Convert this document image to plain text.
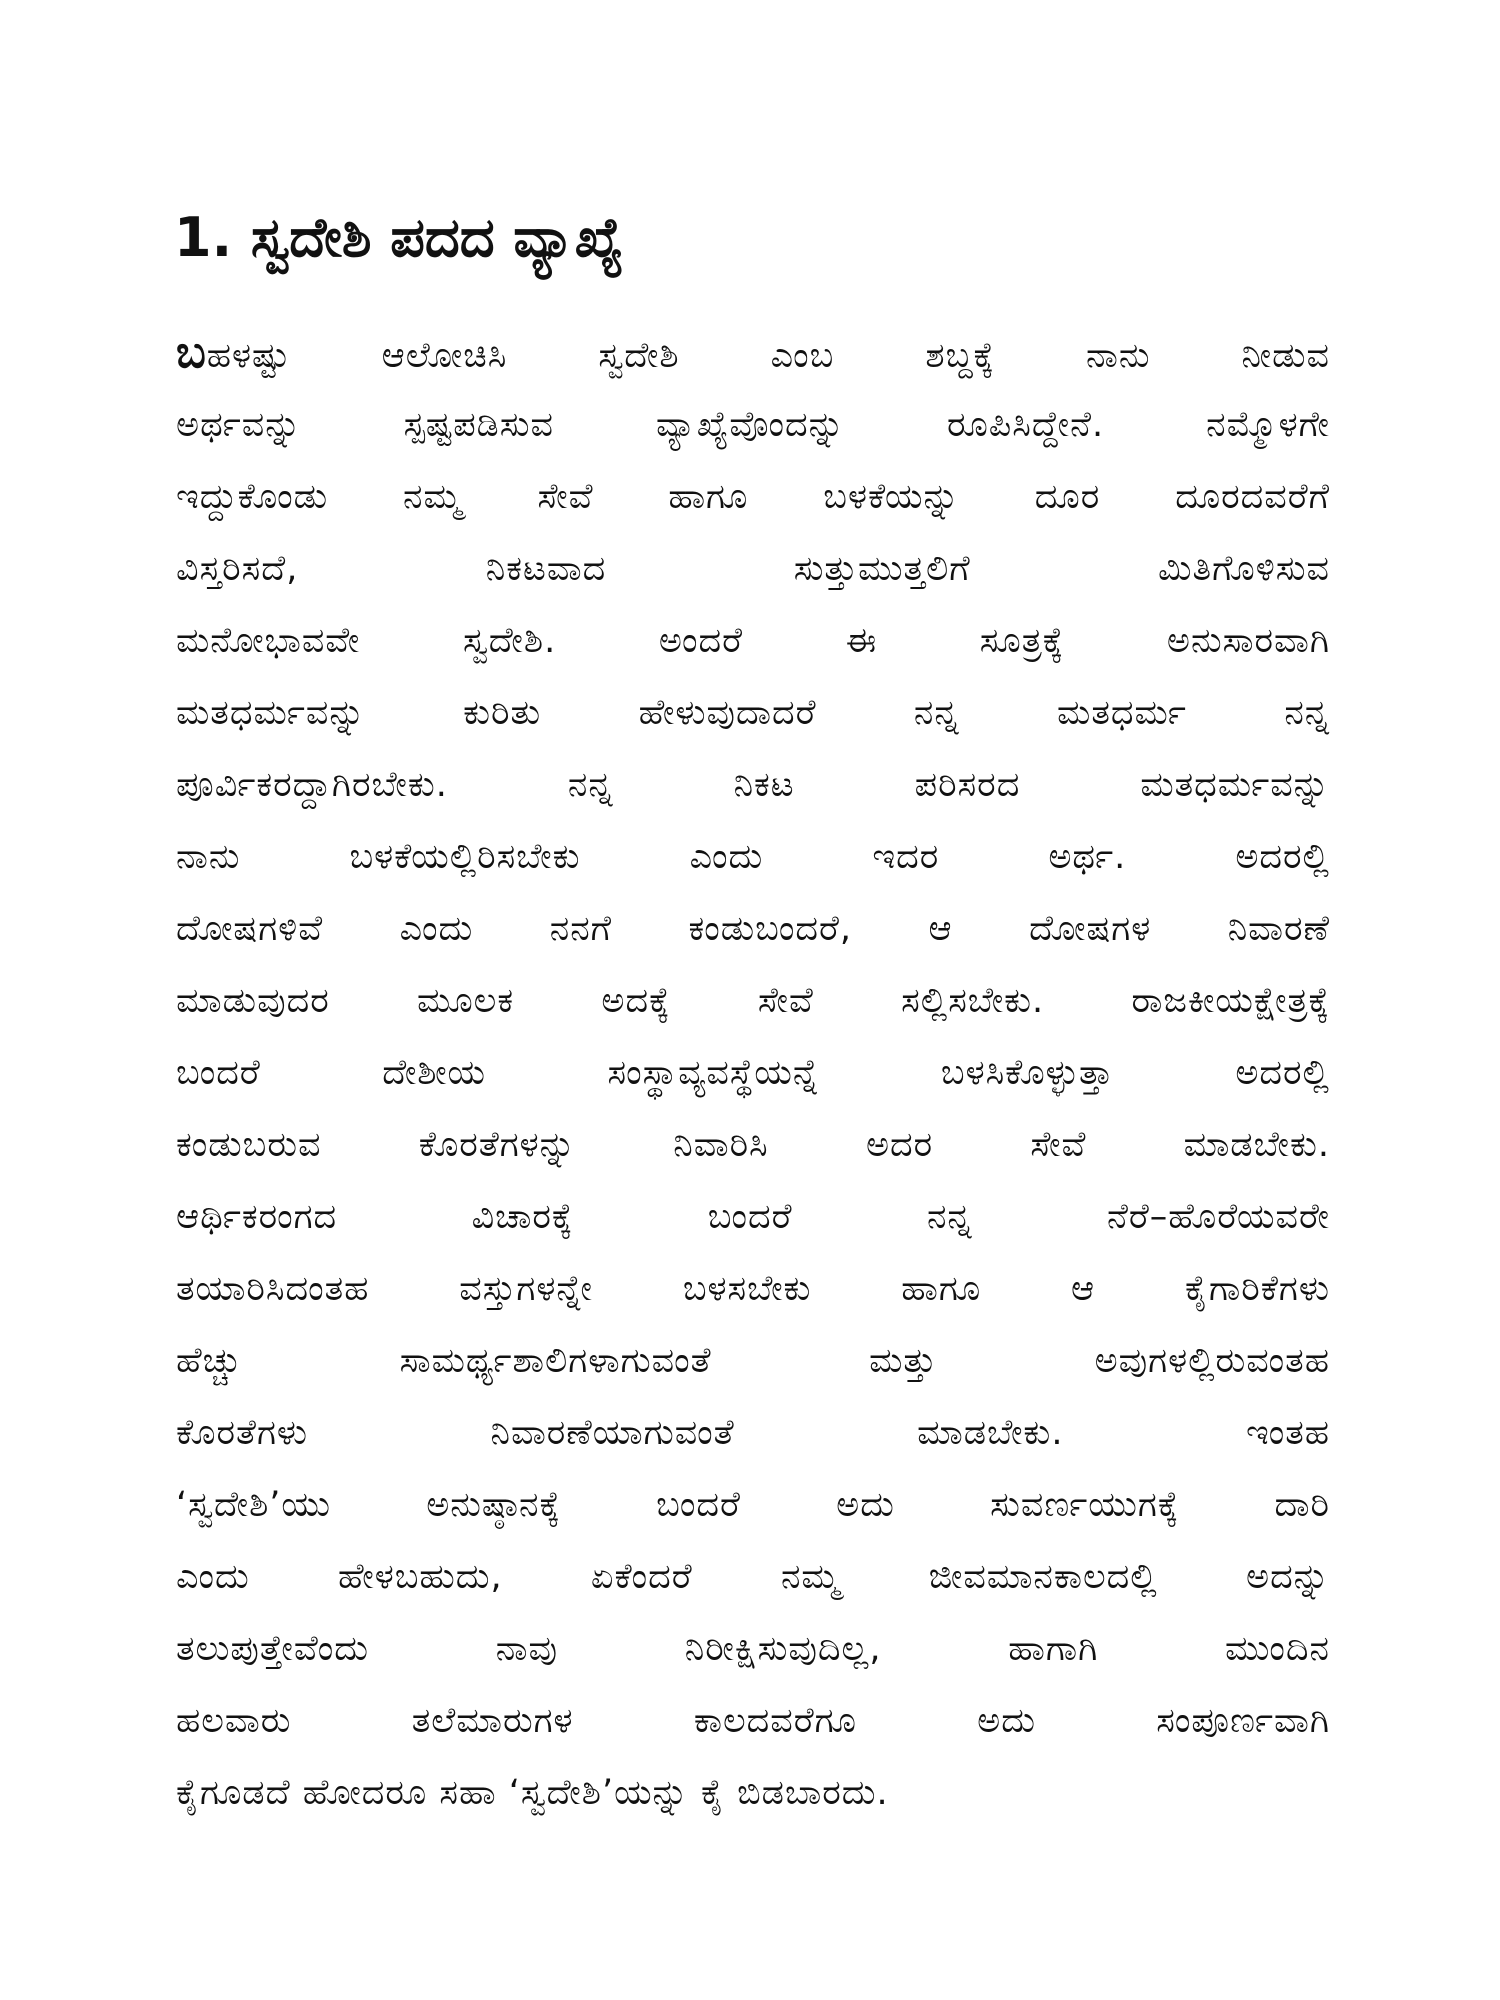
1. ಸ್ವದೇಶಿ ಪದದ ವ್ಯಾಖ್ಯೆ
ಬಹಳಷ್ಟು ಆಲೋಚಿಸಿ ಸ್ವದೇಶಿ ಎಂಬ ಶಬ್ದಕ್ಕೆ ನಾನು ನೀಡುವ
ಅರ್ಥವನ್ನು ಸ್ಪಷ್ಟಪಡಿಸುವ ವ್ಯಾಖ್ಯೆವೊಂದನ್ನು ರೂಪಿಸಿದ್ದೇನೆ. ನಮ್ಮೊಳಗೇ
ಇದ್ದುಕೊಂಡು ನಮ್ಮ ಸೇವೆ ಹಾಗೂ ಬಳಕೆಯನ್ನು ದೂರ ದೂರದವರೆಗೆ
ವಿಸ್ತರಿಸದೆ, ನಿಕಟವಾದ ಸುತ್ತುಮುತ್ತಲಿಗೆ ಮಿತಿಗೊಳಿಸುವ
ಮನೋಭಾವವೇ ಸ್ವದೇಶಿ. ಅಂದರೆ ಈ ಸೂತ್ರಕ್ಕೆ ಅನುಸಾರವಾಗಿ
ಮತಧರ್ಮವನ್ನು ಕುರಿತು ಹೇಳುವುದಾದರೆ ನನ್ನ ಮತಧರ್ಮ ನನ್ನ
ಪೂರ್ವಿಕರದ್ದಾಗಿರಬೇಕು. ನನ್ನ ನಿಕಟ ಪರಿಸರದ ಮತಧರ್ಮವನ್ನು
ನಾನು ಬಳಕೆಯಲ್ಲಿರಿಸಬೇಕು ಎಂದು ಇದರ ಅರ್ಥ. ಅದರಲ್ಲಿ
ದೋಷಗಳಿವೆ ಎಂದು ನನಗೆ ಕಂಡುಬಂದರೆ, ಆ ದೋಷಗಳ ನಿವಾರಣೆ
ಮಾಡುವುದರ ಮೂಲಕ ಅದಕ್ಕೆ ಸೇವೆ ಸಲ್ಲಿಸಬೇಕು. ರಾಜಕೀಯಕ್ಷೇತ್ರಕ್ಕೆ
ಬಂದರೆ ದೇಶೀಯ ಸಂಸ್ಥಾವ್ಯವಸ್ಥೆಯನ್ನೆ ಬಳಸಿಕೊಳ್ಳುತ್ತಾ ಅದರಲ್ಲಿ
ಕಂಡುಬರುವ ಕೊರತೆಗಳನ್ನು ನಿವಾರಿಸಿ ಅದರ ಸೇವೆ ಮಾಡಬೇಕು.
ಆರ್ಥಿಕರಂಗದ ವಿಚಾರಕ್ಕೆ ಬಂದರೆ ನನ್ನ ನೆರೆ–ಹೊರೆಯವರೇ
ತಯಾರಿಸಿದಂತಹ ವಸ್ತುಗಳನ್ನೇ ಬಳಸಬೇಕು ಹಾಗೂ ಆ ಕೈಗಾರಿಕೆಗಳು
ಹೆಚ್ಚು ಸಾಮರ್ಥ್ಯಶಾಲಿಗಳಾಗುವಂತೆ ಮತ್ತು ಅವುಗಳಲ್ಲಿರುವಂತಹ
ಕೊರತೆಗಳು ನಿವಾರಣೆಯಾಗುವಂತೆ ಮಾಡಬೇಕು. ಇಂತಹ
‘ಸ್ವದೇಶಿ’ಯು ಅನುಷ್ಠಾನಕ್ಕೆ ಬಂದರೆ ಅದು ಸುವರ್ಣಯುಗಕ್ಕೆ ದಾರಿ
ಎಂದು ಹೇಳಬಹುದು, ಏಕೆಂದರೆ ನಮ್ಮ ಜೀವಮಾನಕಾಲದಲ್ಲಿ ಅದನ್ನು
ತಲುಪುತ್ತೇವೆಂದು ನಾವು ನಿರೀಕ್ಷಿಸುವುದಿಲ್ಲ, ಹಾಗಾಗಿ ಮುಂದಿನ
ಹಲವಾರು ತಲೆಮಾರುಗಳ ಕಾಲದವರೆಗೂ ಅದು ಸಂಪೂರ್ಣವಾಗಿ
ಕೈಗೂಡದೆ ಹೋದರೂ ಸಹಾ ‘ಸ್ವದೇಶಿ’ಯನ್ನು ಕೈ ಬಿಡಬಾರದು.
